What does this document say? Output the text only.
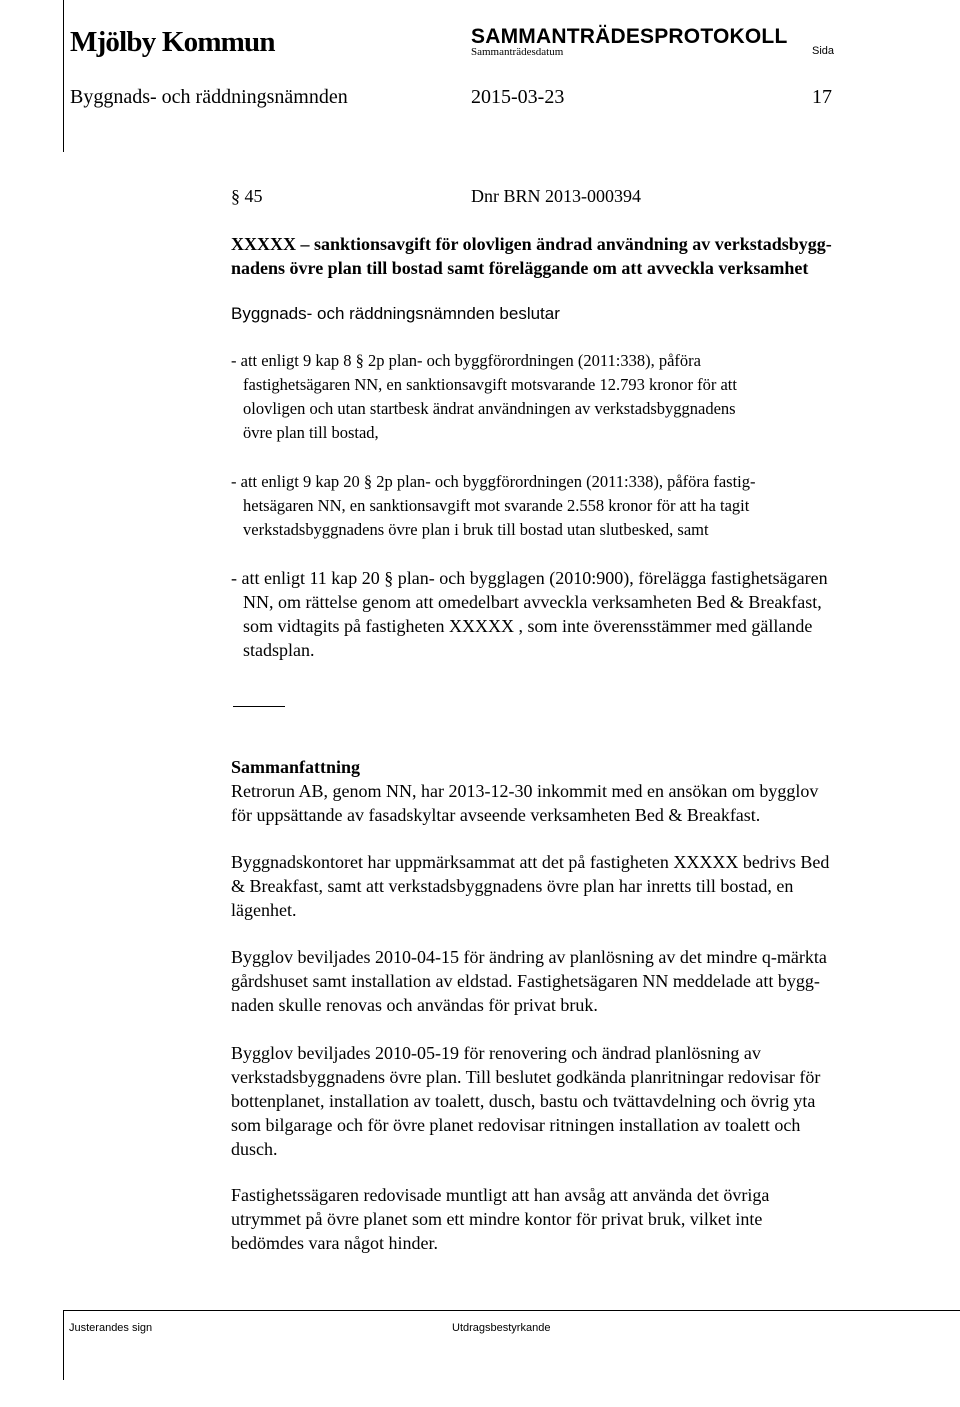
Mjölby Kommun	SAMMANTRÄDESPROTOKOLL
Sammanträdesdatum	Sida
Byggnads- och räddningsnämnden	2015-03-23	17
§ 45	Dnr BRN 2013-000394
XXXXX – sanktionsavgift för olovligen ändrad användning av verkstadsbygg-
nadens övre plan till bostad samt föreläggande om att avveckla verksamhet
Byggnads- och räddningsnämnden beslutar
- att enligt 9 kap 8 § 2p plan- och byggförordningen (2011:338), påföra
fastighetsägaren NN, en sanktionsavgift motsvarande 12.793 kronor för att
olovligen och utan startbesk ändrat användningen av verkstadsbyggnadens
övre plan till bostad,
- att enligt 9 kap 20 § 2p plan- och byggförordningen (2011:338), påföra fastig-
hetsägaren NN, en sanktionsavgift mot svarande 2.558 kronor för att ha tagit
verkstadsbyggnadens övre plan i bruk till bostad utan slutbesked, samt
- att enligt 11 kap 20 § plan- och bygglagen (2010:900), förelägga fastighetsägaren
NN, om rättelse genom att omedelbart avveckla verksamheten Bed & Breakfast,
som vidtagits på fastigheten XXXXX , som inte överensstämmer med gällande
stadsplan.
Sammanfattning
Retrorun AB, genom NN, har 2013-12-30 inkommit med en ansökan om bygglov
för uppsättande av fasadskyltar avseende verksamheten Bed & Breakfast.
Byggnadskontoret har uppmärksammat att det på fastigheten XXXXX bedrivs Bed
& Breakfast, samt att verkstadsbyggnadens övre plan har inretts till bostad, en
lägenhet.
Bygglov beviljades 2010-04-15 för ändring av planlösning av det mindre q-märkta
gårdshuset samt installation av eldstad. Fastighetsägaren NN meddelade att bygg-
naden skulle renovas och användas för privat bruk.
Bygglov beviljades 2010-05-19 för renovering och ändrad planlösning av
verkstadsbyggnadens övre plan. Till beslutet godkända planritningar redovisar för
bottenplanet, installation av toalett, dusch, bastu och tvättavdelning och övrig yta
som bilgarage och för övre planet redovisar ritningen installation av toalett och
dusch.
Fastighetssägaren redovisade muntligt att han avsåg att använda det övriga
utrymmet på övre planet som ett mindre kontor för privat bruk, vilket inte
bedömdes vara något hinder.
Justerandes sign	Utdragsbestyrkande
